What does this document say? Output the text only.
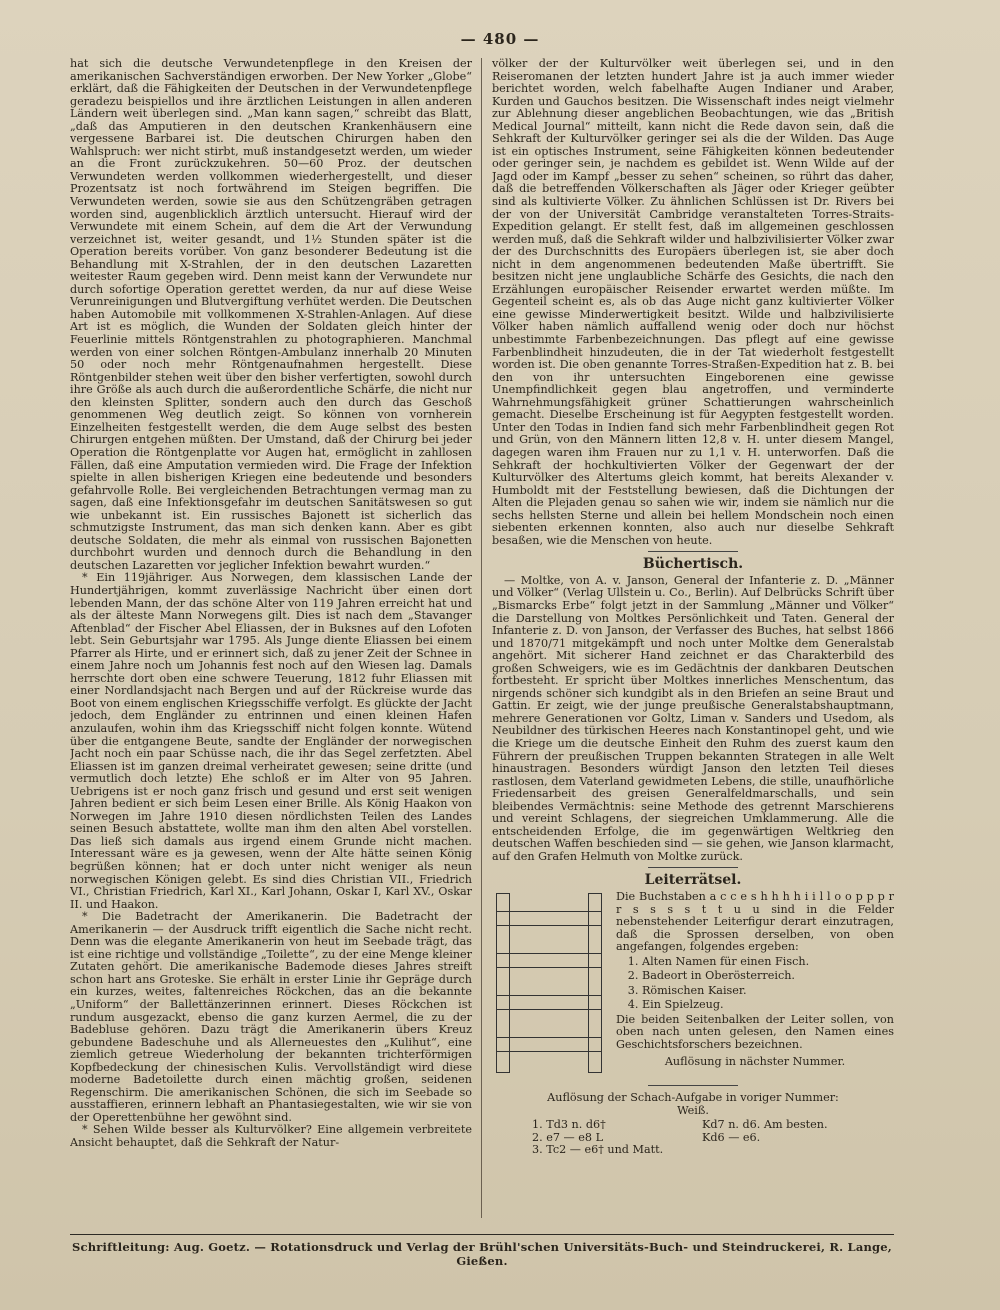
— 480 —

hat sich die deutsche Verwundetenpflege in den Kreisen der amerikanischen Sachverständigen erworben. Der New Yorker „Globe“ erklärt, daß die Fähigkeiten der Deutschen in der Verwundetenpflege geradezu beispiellos und ihre ärztlichen Leistungen in allen anderen Ländern weit überlegen sind. „Man kann sagen,“ schreibt das Blatt, „daß das Amputieren in den deutschen Krankenhäusern eine vergessene Barbarei ist. Die deutschen Chirurgen haben den Wahlspruch: wer nicht stirbt, muß instandgesetzt werden, um wieder an die Front zurückzukehren. 50—60 Proz. der deutschen Verwundeten werden vollkommen wiederhergestellt, und dieser Prozentsatz ist noch fortwährend im Steigen begriffen. Die Verwundeten werden, sowie sie aus den Schützengräben getragen worden sind, augenblicklich ärztlich untersucht. Hierauf wird der Verwundete mit einem Schein, auf dem die Art der Verwundung verzeichnet ist, weiter gesandt, und 1½ Stunden später ist die Operation bereits vorüber. Von ganz besonderer Bedeutung ist die Behandlung mit X-Strahlen, der in den deutschen Lazaretten weitester Raum gegeben wird. Denn meist kann der Verwundete nur durch sofortige Operation gerettet werden, da nur auf diese Weise Verunreinigungen und Blutvergiftung verhütet werden. Die Deutschen haben Automobile mit vollkommenen X-Strahlen-Anlagen. Auf diese Art ist es möglich, die Wunden der Soldaten gleich hinter der Feuerlinie mittels Röntgenstrahlen zu photographieren. Manchmal werden von einer solchen Röntgen-Ambulanz innerhalb 20 Minuten 50 oder noch mehr Röntgenaufnahmen hergestellt. Diese Röntgenbilder stehen weit über den bisher verfertigten, sowohl durch ihre Größe als auch durch die außerordentliche Schärfe, die nicht nur den kleinsten Splitter, sondern auch den durch das Geschoß genommenen Weg deutlich zeigt. So können von vornherein Einzelheiten festgestellt werden, die dem Auge selbst des besten Chirurgen entgehen müßten. Der Umstand, daß der Chirurg bei jeder Operation die Röntgenplatte vor Augen hat, ermöglicht in zahllosen Fällen, daß eine Amputation vermieden wird. Die Frage der Infektion spielte in allen bisherigen Kriegen eine bedeutende und besonders gefahrvolle Rolle. Bei vergleichenden Betrachtungen vermag man zu sagen, daß eine Infektionsgefahr im deutschen Sanitätswesen so gut wie unbekannt ist. Ein russisches Bajonett ist sicherlich das schmutzigste Instrument, das man sich denken kann. Aber es gibt deutsche Soldaten, die mehr als einmal von russischen Bajonetten durchbohrt wurden und dennoch durch die Behandlung in den deutschen Lazaretten vor jeglicher Infektion bewahrt wurden.“

* Ein 119jähriger. Aus Norwegen, dem klassischen Lande der Hundertjährigen, kommt zuverlässige Nachricht über einen dort lebenden Mann, der das schöne Alter von 119 Jahren erreicht hat und als der älteste Mann Norwegens gilt. Dies ist nach dem „Stavanger Aftenblad“ der Fischer Abel Eliassen, der in Buksnes auf den Lofoten lebt. Sein Geburtsjahr war 1795. Als Junge diente Eliassen bei einem Pfarrer als Hirte, und er erinnert sich, daß zu jener Zeit der Schnee in einem Jahre noch um Johannis fest noch auf den Wiesen lag. Damals herrschte dort oben eine schwere Teuerung, 1812 fuhr Eliassen mit einer Nordlandsjacht nach Bergen und auf der Rückreise wurde das Boot von einem englischen Kriegsschiffe verfolgt. Es glückte der Jacht jedoch, dem Engländer zu entrinnen und einen kleinen Hafen anzulaufen, wohin ihm das Kriegsschiff nicht folgen konnte. Wütend über die entgangene Beute, sandte der Engländer der norwegischen Jacht noch ein paar Schüsse nach, die ihr das Segel zerfetzten. Abel Eliassen ist im ganzen dreimal verheiratet gewesen; seine dritte (und vermutlich doch letzte) Ehe schloß er im Alter von 95 Jahren. Uebrigens ist er noch ganz frisch und gesund und erst seit wenigen Jahren bedient er sich beim Lesen einer Brille. Als König Haakon von Norwegen im Jahre 1910 diesen nördlichsten Teilen des Landes seinen Besuch abstattete, wollte man ihm den alten Abel vorstellen. Das ließ sich damals aus irgend einem Grunde nicht machen. Interessant wäre es ja gewesen, wenn der Alte hätte seinen König begrüßen können; hat er doch unter nicht weniger als neun norwegischen Königen gelebt. Es sind dies Christian VII., Friedrich VI., Christian Friedrich, Karl XI., Karl Johann, Oskar I, Karl XV., Oskar II. und Haakon.

* Die Badetracht der Amerikanerin. Die Badetracht der Amerikanerin — der Ausdruck trifft eigentlich die Sache nicht recht. Denn was die elegante Amerikanerin von heut im Seebade trägt, das ist eine richtige und vollständige „Toilette“, zu der eine Menge kleiner Zutaten gehört. Die amerikanische Bademode dieses Jahres streift schon hart ans Groteske. Sie erhält in erster Linie ihr Gepräge durch ein kurzes, weites, faltenreiches Röckchen, das an die bekannte „Uniform“ der Ballettänzerinnen erinnert. Dieses Röckchen ist rundum ausgezackt, ebenso die ganz kurzen Aermel, die zu der Badebluse gehören. Dazu trägt die Amerikanerin übers Kreuz gebundene Badeschuhe und als Allerneuestes den „Kulihut“, eine ziemlich getreue Wiederholung der bekannten trichterförmigen Kopfbedeckung der chinesischen Kulis. Vervollständigt wird diese moderne Badetoilette durch einen mächtig großen, seidenen Regenschirm. Die amerikanischen Schönen, die sich im Seebade so ausstaffieren, erinnern lebhaft an Phantasiegestalten, wie wir sie von der Operettenbühne her gewöhnt sind.

* Sehen Wilde besser als Kulturvölker? Eine allgemein verbreitete Ansicht behauptet, daß die Sehkraft der Natur-

völker der der Kulturvölker weit überlegen sei, und in den Reiseromanen der letzten hundert Jahre ist ja auch immer wieder berichtet worden, welch fabelhafte Augen Indianer und Araber, Kurden und Gauchos besitzen. Die Wissenschaft indes neigt vielmehr zur Ablehnung dieser angeblichen Beobachtungen, wie das „British Medical Journal“ mitteilt, kann nicht die Rede davon sein, daß die Sehkraft der Kulturvölker geringer sei als die der Wilden. Das Auge ist ein optisches Instrument, seine Fähigkeiten können bedeutender oder geringer sein, je nachdem es gebildet ist. Wenn Wilde auf der Jagd oder im Kampf „besser zu sehen“ scheinen, so rührt das daher, daß die betreffenden Völkerschaften als Jäger oder Krieger geübter sind als kultivierte Völker. Zu ähnlichen Schlüssen ist Dr. Rivers bei der von der Universität Cambridge veranstalteten Torres-Straits-Expedition gelangt. Er stellt fest, daß im allgemeinen geschlossen werden muß, daß die Sehkraft wilder und halbzivilisierter Völker zwar der des Durchschnitts des Europäers überlegen ist, sie aber doch nicht in dem angenommenen bedeutenden Maße übertrifft. Sie besitzen nicht jene unglaubliche Schärfe des Gesichts, die nach den Erzählungen europäischer Reisender erwartet werden müßte. Im Gegenteil scheint es, als ob das Auge nicht ganz kultivierter Völker eine gewisse Minderwertigkeit besitzt. Wilde und halbzivilisierte Völker haben nämlich auffallend wenig oder doch nur höchst unbestimmte Farbenbezeichnungen. Das pflegt auf eine gewisse Farbenblindheit hinzudeuten, die in der Tat wiederholt festgestellt worden ist. Die oben genannte Torres-Straßen-Expedition hat z. B. bei den von ihr untersuchten Eingeborenen eine gewisse Unempfindlichkeit gegen blau angetroffen, und verminderte Wahrnehmungsfähigkeit grüner Schattierungen wahrscheinlich gemacht. Dieselbe Erscheinung ist für Aegypten festgestellt worden. Unter den Todas in Indien fand sich mehr Farbenblindheit gegen Rot und Grün, von den Männern litten 12,8 v. H. unter diesem Mangel, dagegen waren ihm Frauen nur zu 1,1 v. H. unterworfen. Daß die Sehkraft der hochkultivierten Völker der Gegenwart der der Kulturvölker des Altertums gleich kommt, hat bereits Alexander v. Humboldt mit der Feststellung bewiesen, daß die Dichtungen der Alten die Plejaden genau so sahen wie wir, indem sie nämlich nur die sechs hellsten Sterne und allein bei hellem Mondschein noch einen siebenten erkennen konnten, also auch nur dieselbe Sehkraft besaßen, wie die Menschen von heute.

Büchertisch.

— Moltke, von A. v. Janson, General der Infanterie z. D. „Männer und Völker“ (Verlag Ullstein u. Co., Berlin). Auf Delbrücks Schrift über „Bismarcks Erbe“ folgt jetzt in der Sammlung „Männer und Völker“ die Darstellung von Moltkes Persönlichkeit und Taten. General der Infanterie z. D. von Janson, der Verfasser des Buches, hat selbst 1866 und 1870/71 mitgekämpft und noch unter Moltke dem Generalstab angehört. Mit sicherer Hand zeichnet er das Charakterbild des großen Schweigers, wie es im Gedächtnis der dankbaren Deutschen fortbesteht. Er spricht über Moltkes innerliches Menschentum, das nirgends schöner sich kundgibt als in den Briefen an seine Braut und Gattin. Er zeigt, wie der junge preußische Generalstabshauptmann, mehrere Generationen vor Goltz, Liman v. Sanders und Usedom, als Neubildner des türkischen Heeres nach Konstantinopel geht, und wie die Kriege um die deutsche Einheit den Ruhm des zuerst kaum den Führern der preußischen Truppen bekannten Strategen in alle Welt hinaustragen. Besonders würdigt Janson den letzten Teil dieses rastlosen, dem Vaterland gewidmeten Lebens, die stille, unaufhörliche Friedensarbeit des greisen Generalfeldmarschalls, und sein bleibendes Vermächtnis: seine Methode des getrennt Marschierens und vereint Schlagens, der siegreichen Umklammerung. Alle die entscheidenden Erfolge, die im gegenwärtigen Weltkrieg den deutschen Waffen beschieden sind — sie gehen, wie Janson klarmacht, auf den Grafen Helmuth von Moltke zurück.

Leiterrätsel.

Die Buchstaben a c c e s h h h h i i l l o o p p p r r s s s s t t u u sind in die Felder nebenstehender Leiterfigur derart einzutragen, daß die Sprossen derselben, von oben angefangen, folgendes ergeben:

1. Alten Namen für einen Fisch.
2. Badeort in Oberösterreich.
3. Römischen Kaiser.
4. Ein Spielzeug.

Die beiden Seitenbalken der Leiter sollen, von oben nach unten gelesen, den Namen eines Geschichtsforschers bezeichnen.

Auflösung in nächster Nummer.

Auflösung der Schach-Aufgabe in voriger Nummer:
Weiß.
1. Td3 n. d6†	Kd7 n. d6. Am besten.
2. e7 — e8 L	Kd6 — e6.
3. Tc2 — e6† und Matt.
Schriftleitung: Aug. Goetz. — Rotationsdruck und Verlag der Brühl'schen Universitäts-Buch- und Steindruckerei, R. Lange, Gießen.
